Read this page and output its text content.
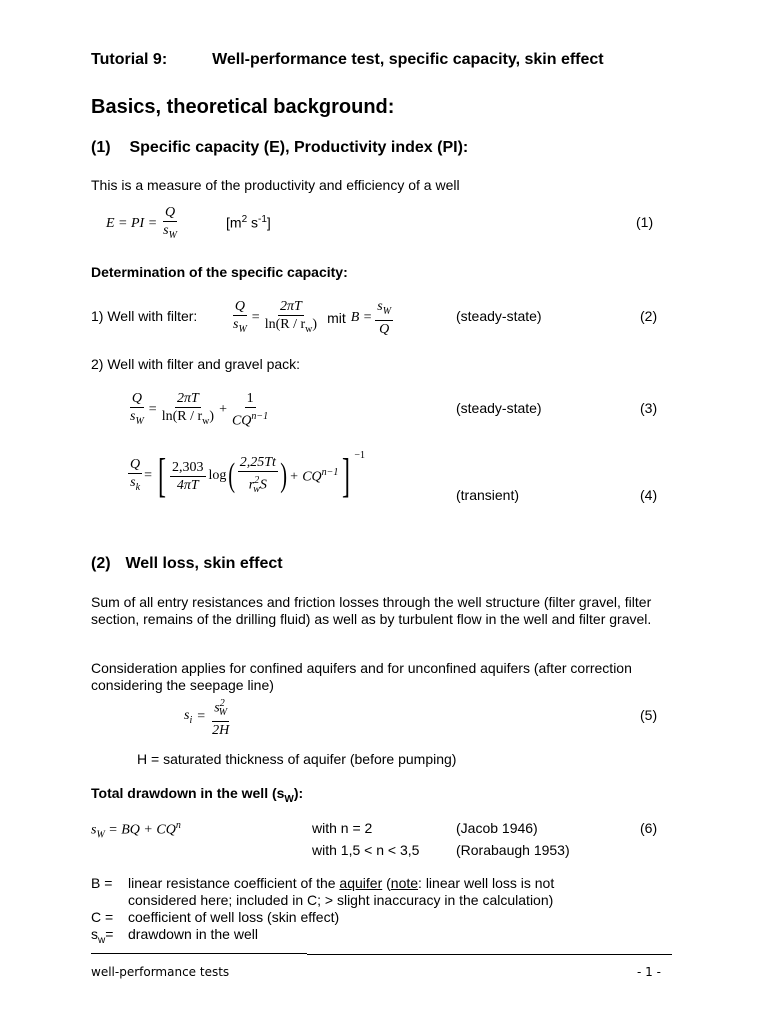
Tutorial 9:	Well-performance test, specific capacity, skin effect
Basics, theoretical background:
(1) Specific capacity (E), Productivity index (PI):
This is a measure of the productivity and efficiency of a well
E = PI = $\frac{Q}{s_W}$	[$m^2$ $s^{-1}$]	(1)
Determination of the specific capacity:
1) Well with filter: $\frac{Q}{s_W} = \frac{2\pi T}{\ln(R / r_w)}$ mit $B = \frac{s_W}{Q}$	(steady-state)	(2)
2) Well with filter and gravel pack:
$\frac{Q}{s_W} = \frac{2\pi T}{\ln(R / r_w)} + \frac{1}{CQ^{n-1}}$	(steady-state)	(3)
$\frac{Q}{s_k}$ = [ $\frac{2,303}{4\pi T}$ log ( $\frac{2,25Tt}{r^2_wS}$ ) + $CQ^{n-1}$ ] $^{-1}$
(transient)	(4)
(2) Well loss, skin effect
Sum of all entry resistances and friction losses through the well structure (filter gravel, filter section, remains of the drilling fluid) as well as by turbulent flow in the well and filter gravel.
Consideration applies for confined aquifers and for unconfined aquifers (after correction considering the seepage line)
$s_i = \frac{s^2_W}{2H}$	(5)
H = saturated thickness of aquifer (before pumping)
Total drawdown in the well $(s_W)$:
$s_W$ = BQ + $CQ^n$	with n = 2	(Jacob 1946)	(6)
with 1,5 < n < 3,5	(Rorabaugh 1953)
B = linear resistance coefficient of the aquifer (note: linear well loss is not
considered here; included in C; > slight inaccuracy in the calculation)
C = coefficient of well loss (skin effect)
$s_w=$ drawdown in the well
well-performance tests	- 1 -
